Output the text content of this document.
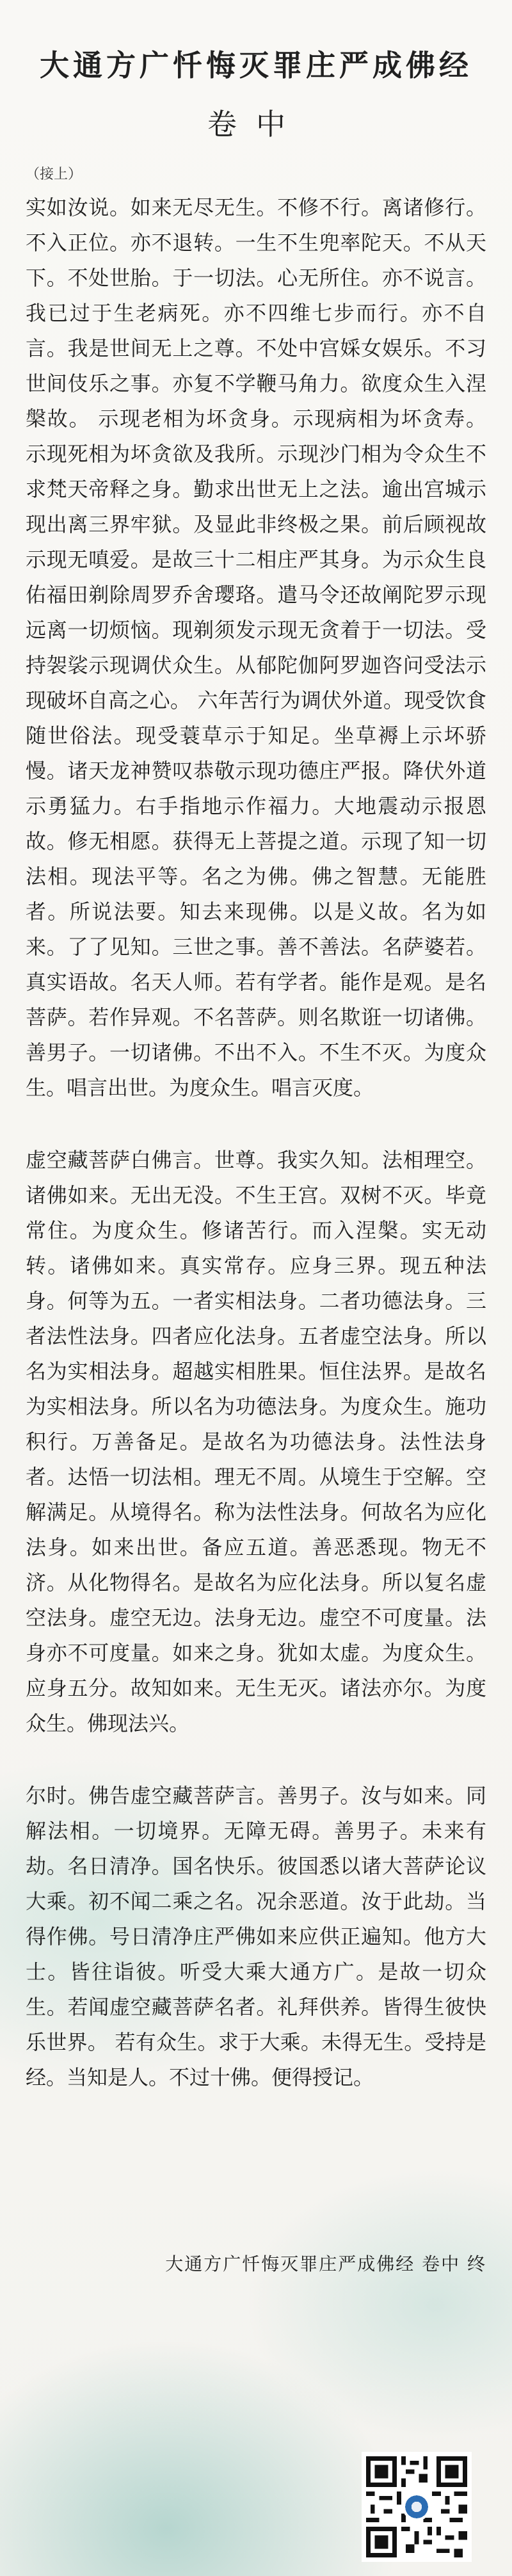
大通方广忏悔灭罪庄严成佛经
卷中
（接上）

实如汝说。如来无尽无生。不修不行。离诸修行。不入正位。亦不退转。一生不生兜率陀天。不从天下。不处世胎。于一切法。心无所住。亦不说言。我已过于生老病死。亦不四维七步而行。亦不自言。我是世间无上之尊。不处中宫婇女娱乐。不习世间伎乐之事。亦复不学鞭马角力。欲度众生入涅槃故。 示现老相为坏贪身。示现病相为坏贪寿。 示现死相为坏贪欲及我所。示现沙门相为令众生不求梵天帝释之身。勤求出世无上之法。逾出宫城示现出离三界牢狱。及显此非终极之果。前后顾视故示现无嗔爱。是故三十二相庄严其身。为示众生良佑福田剃除周罗乔舍璎珞。遣马令还故阐陀罗示现远离一切烦恼。现剃须发示现无贪着于一切法。受持袈裟示现调伏众生。从郁陀伽阿罗迦咨问受法示现破坏自高之心。 六年苦行为调伏外道。现受饮食随世俗法。现受蓑草示于知足。坐草褥上示坏骄慢。诸天龙神赞叹恭敬示现功德庄严报。降伏外道示勇猛力。右手指地示作福力。大地震动示报恩故。修无相愿。获得无上菩提之道。示现了知一切法相。现法平等。名之为佛。佛之智慧。无能胜者。所说法要。知去来现佛。以是义故。名为如来。了了见知。三世之事。善不善法。名萨婆若。真实语故。名天人师。若有学者。能作是观。是名菩萨。若作异观。不名菩萨。则名欺诳一切诸佛。善男子。一切诸佛。不出不入。不生不灭。为度众生。唱言出世。为度众生。唱言灭度。

虚空藏菩萨白佛言。世尊。我实久知。法相理空。诸佛如来。无出无没。不生王宫。双树不灭。毕竟常住。为度众生。修诸苦行。而入涅槃。实无动转。诸佛如来。真实常存。应身三界。现五种法身。何等为五。一者实相法身。二者功德法身。三者法性法身。四者应化法身。五者虚空法身。所以名为实相法身。超越实相胜果。恒住法界。是故名为实相法身。所以名为功德法身。为度众生。施功积行。万善备足。是故名为功德法身。法性法身者。达悟一切法相。理无不周。从境生于空解。空解满足。从境得名。称为法性法身。何故名为应化法身。如来出世。备应五道。善恶悉现。物无不济。从化物得名。是故名为应化法身。所以复名虚空法身。虚空无边。法身无边。虚空不可度量。法身亦不可度量。如来之身。犹如太虚。为度众生。应身五分。故知如来。无生无灭。诸法亦尔。为度众生。佛现法兴。

尔时。佛告虚空藏菩萨言。善男子。汝与如来。同解法相。一切境界。无障无碍。善男子。未来有劫。名日清净。国名快乐。彼国悉以诸大菩萨论议大乘。初不闻二乘之名。况余恶道。汝于此劫。当得作佛。号日清净庄严佛如来应供正遍知。他方大士。皆往诣彼。听受大乘大通方广。是故一切众生。若闻虚空藏菩萨名者。礼拜供养。皆得生彼快乐世界。 若有众生。求于大乘。未得无生。受持是经。当知是人。不过十佛。便得授记。

大通方广忏悔灭罪庄严成佛经 卷中 终
